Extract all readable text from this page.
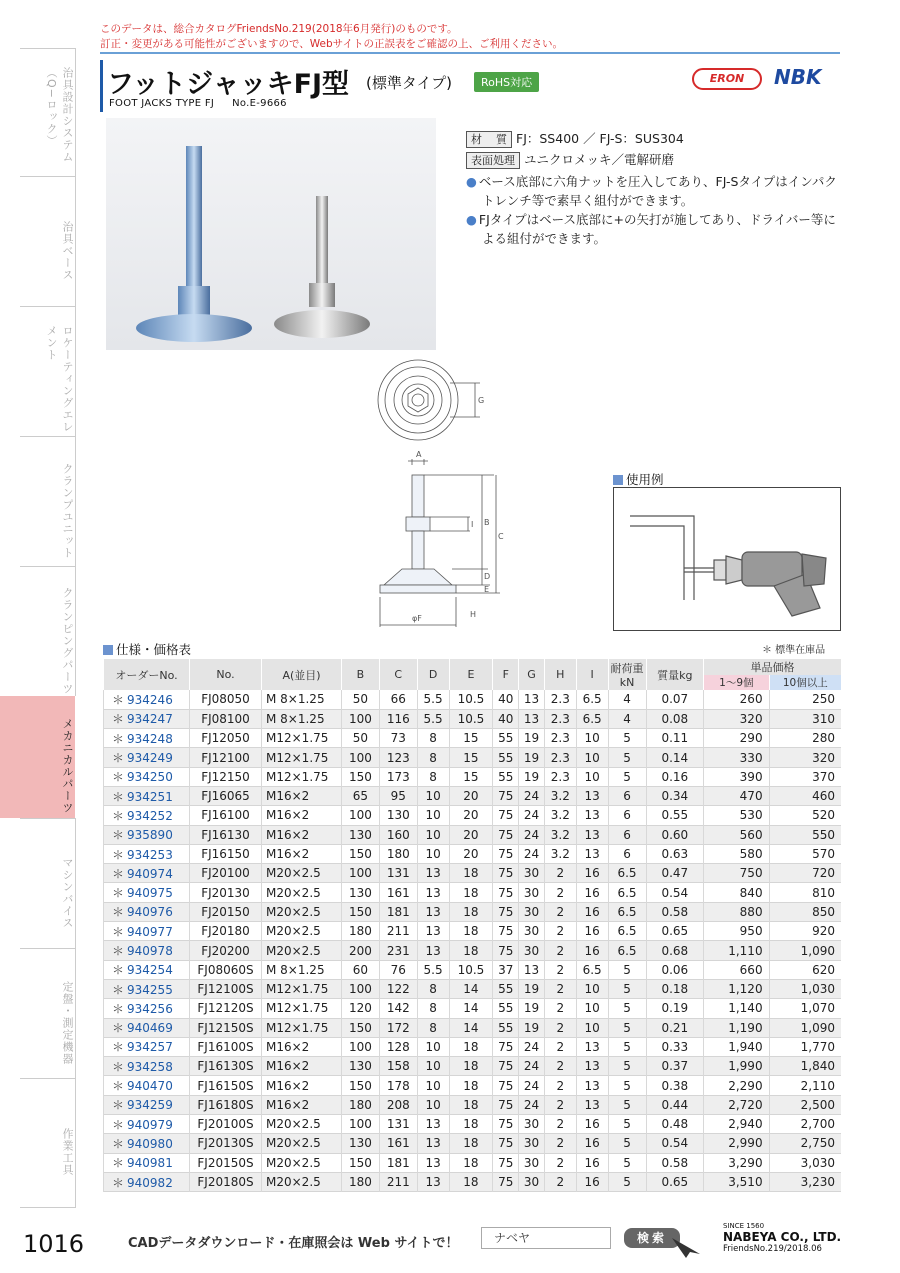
このデータは、総合カタログFriendsNo.219(2018年6月発行)のものです。
訂正・変更がある可能性がございますので、Webサイトの正誤表をご確認の上、ご利用ください。
治具設計システム（Q−ロック）
治具ベース
ロケーティングエレメント
クランプユニット
クランピングパーツ
メカニカルパーツ
マシンバイス
定盤・測定機器
作業工具
フットジャッキFJ型 (標準タイプ)	RoHS対応
FOOT JACKS TYPE FJ No.E-9666
ERON	NBK
材質 FJ：SS400 ／ FJ-S：SUS304
表面処理 ユニクロメッキ／電解研磨
● ベース底部に六角ナットを圧入してあり、FJ-Sタイプはインパクトレンチ等で素早く組付ができます。
● FJタイプはベース底部に+の矢打が施してあり、ドライバー等による組付ができます。
G
A
I B
C
D
E
H
φF
使用例
仕様・価格表	＊ 標準在庫品
オーダーNo.	No.	A(並目)	B	C	D	E	F	G	H	I	耐荷重kN	質量kg	単品価格	
													1〜9個	10個以上
＊ 934246	FJ08050	M 8×1.25	50	66	5.5	10.5	40	13	2.3	6.5	4	0.07	260	250
＊ 934247	FJ08100	M 8×1.25	100	116	5.5	10.5	40	13	2.3	6.5	4	0.08	320	310
＊ 934248	FJ12050	M12×1.75	50	73	8	15	55	19	2.3	10	5	0.11	290	280
＊ 934249	FJ12100	M12×1.75	100	123	8	15	55	19	2.3	10	5	0.14	330	320
＊ 934250	FJ12150	M12×1.75	150	173	8	15	55	19	2.3	10	5	0.16	390	370
＊ 934251	FJ16065	M16×2	65	95	10	20	75	24	3.2	13	6	0.34	470	460
＊ 934252	FJ16100	M16×2	100	130	10	20	75	24	3.2	13	6	0.55	530	520
＊ 935890	FJ16130	M16×2	130	160	10	20	75	24	3.2	13	6	0.60	560	550
＊ 934253	FJ16150	M16×2	150	180	10	20	75	24	3.2	13	6	0.63	580	570
＊ 940974	FJ20100	M20×2.5	100	131	13	18	75	30	2	16	6.5	0.47	750	720
＊ 940975	FJ20130	M20×2.5	130	161	13	18	75	30	2	16	6.5	0.54	840	810
＊ 940976	FJ20150	M20×2.5	150	181	13	18	75	30	2	16	6.5	0.58	880	850
＊ 940977	FJ20180	M20×2.5	180	211	13	18	75	30	2	16	6.5	0.65	950	920
＊ 940978	FJ20200	M20×2.5	200	231	13	18	75	30	2	16	6.5	0.68	1,110	1,090
＊ 934254	FJ08060S	M 8×1.25	60	76	5.5	10.5	37	13	2	6.5	5	0.06	660	620
＊ 934255	FJ12100S	M12×1.75	100	122	8	14	55	19	2	10	5	0.18	1,120	1,030
＊ 934256	FJ12120S	M12×1.75	120	142	8	14	55	19	2	10	5	0.19	1,140	1,070
＊ 940469	FJ12150S	M12×1.75	150	172	8	14	55	19	2	10	5	0.21	1,190	1,090
＊ 934257	FJ16100S	M16×2	100	128	10	18	75	24	2	13	5	0.33	1,940	1,770
＊ 934258	FJ16130S	M16×2	130	158	10	18	75	24	2	13	5	0.37	1,990	1,840
＊ 940470	FJ16150S	M16×2	150	178	10	18	75	24	2	13	5	0.38	2,290	2,110
＊ 934259	FJ16180S	M16×2	180	208	10	18	75	24	2	13	5	0.44	2,720	2,500
＊ 940979	FJ20100S	M20×2.5	100	131	13	18	75	30	2	16	5	0.48	2,940	2,700
＊ 940980	FJ20130S	M20×2.5	130	161	13	18	75	30	2	16	5	0.54	2,990	2,750
＊ 940981	FJ20150S	M20×2.5	150	181	13	18	75	30	2	16	5	0.58	3,290	3,030
＊ 940982	FJ20180S	M20×2.5	180	211	13	18	75	30	2	16	5	0.65	3,510	3,230
1016	CADデータダウンロード・在庫照会は Web サイトで！	ナベヤ	検索
SINCE 1560
NABEYA CO., LTD.
FriendsNo.219/2018.06
